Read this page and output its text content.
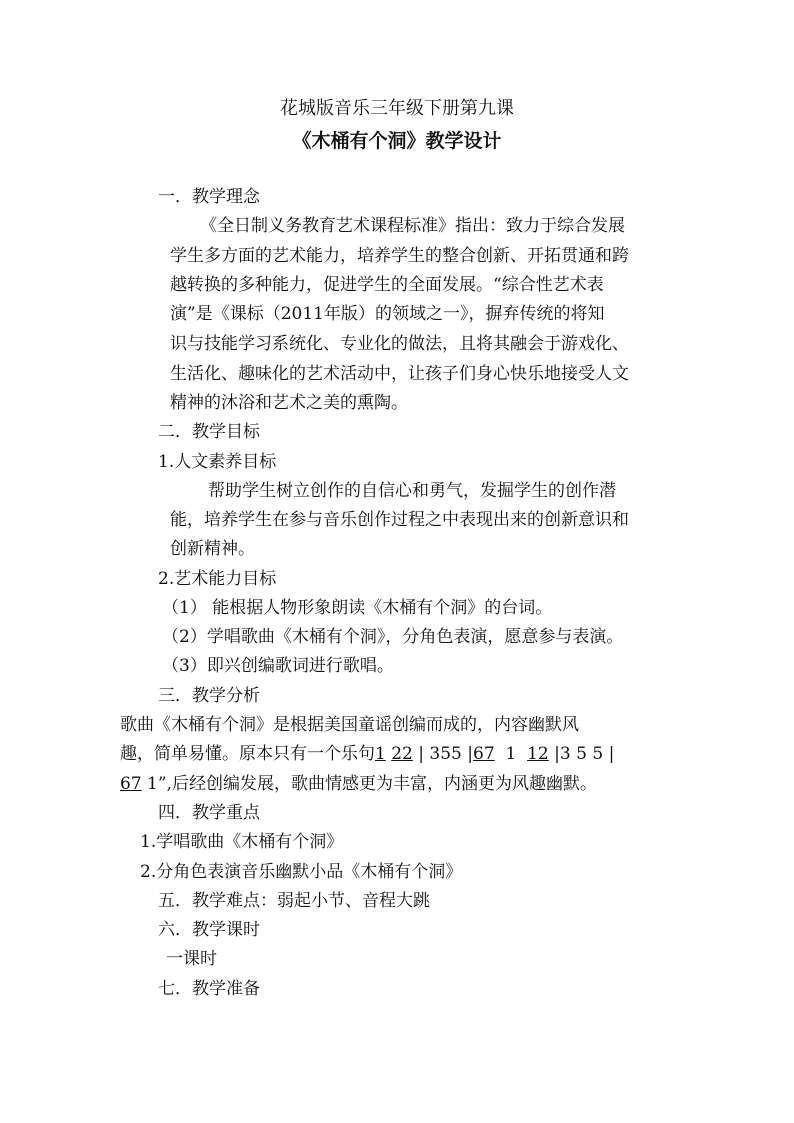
花城版音乐三年级下册第九课
《木桶有个洞》教学设计
一．教学理念
《全日制义务教育艺术课程标准》指出：致力于综合发展
学生多方面的艺术能力，培养学生的整合创新、开拓贯通和跨
越转换的多种能力，促进学生的全面发展。“综合性艺术表
演”是《课标（2011年版）的领域之一》，摒弃传统的将知
识与技能学习系统化、专业化的做法，且将其融会于游戏化、
生活化、趣味化的艺术活动中，让孩子们身心快乐地接受人文
精神的沐浴和艺术之美的熏陶。
二．教学目标
1.人文素养目标
帮助学生树立创作的自信心和勇气，发掘学生的创作潜
能，培养学生在参与音乐创作过程之中表现出来的创新意识和
创新精神。
2.艺术能力目标
（1） 能根据人物形象朗读《木桶有个洞》的台词。
（2）学唱歌曲《木桶有个洞》，分角色表演，愿意参与表演。
（3）即兴创编歌词进行歌唱。
三．教学分析
歌曲《木桶有个洞》是根据美国童谣创编而成的，内容幽默风
趣，简单易懂。原本只有一个乐句1 22 | 355 |67 1 12 |3 5 5 |
67 1”,后经创编发展，歌曲情感更为丰富，内涵更为风趣幽默。
四．教学重点
1.学唱歌曲《木桶有个洞》
2.分角色表演音乐幽默小品《木桶有个洞》
五．教学难点：弱起小节、音程大跳
六．教学课时
一课时
七．教学准备
